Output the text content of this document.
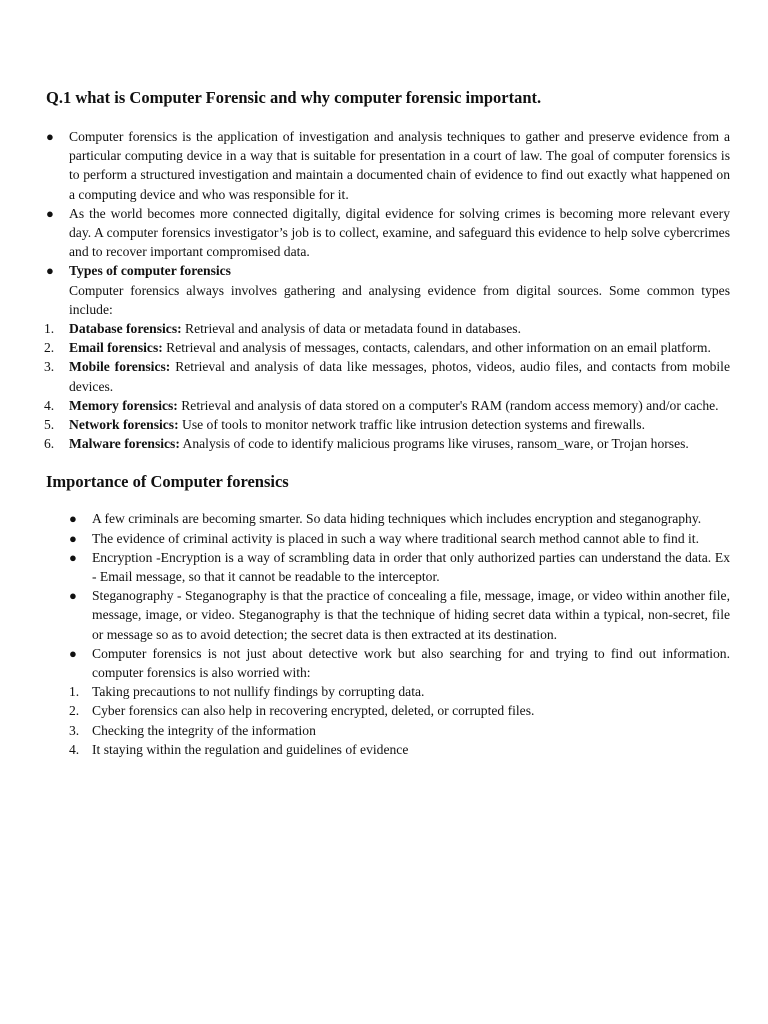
Q.1 what is Computer Forensic and why computer forensic important.
●	Computer forensics is the application of investigation and analysis techniques to gather and preserve evidence from a particular computing device in a way that is suitable for presentation in a court of law. The goal of computer forensics is to perform a structured investigation and maintain a documented chain of evidence to find out exactly what happened on a computing device and who was responsible for it.
●	As the world becomes more connected digitally, digital evidence for solving crimes is becoming more relevant every day. A computer forensics investigator’s job is to collect, examine, and safeguard this evidence to help solve cybercrimes and to recover important compromised data.
●	Types of computer forensics
Computer forensics always involves gathering and analysing evidence from digital sources. Some common types include:
1.	Database forensics: Retrieval and analysis of data or metadata found in databases.
2.	Email forensics: Retrieval and analysis of messages, contacts, calendars, and other information on an email platform.
3.	Mobile forensics: Retrieval and analysis of data like messages, photos, videos, audio files, and contacts from mobile devices.
4.	Memory forensics: Retrieval and analysis of data stored on a computer's RAM (random access memory) and/or cache.
5.	Network forensics: Use of tools to monitor network traffic like intrusion detection systems and firewalls.
6.	Malware forensics: Analysis of code to identify malicious programs like viruses, ransom_ware, or Trojan horses.
Importance of Computer forensics
●	A few criminals are becoming smarter. So data hiding techniques which includes encryption and steganography.
●	The evidence of criminal activity is placed in such a way where traditional search method cannot able to find it.
●	Encryption -Encryption is a way of scrambling data in order that only authorized parties can understand the data. Ex - Email message, so that it cannot be readable to the interceptor.
●	Steganography - Steganography is that the practice of concealing a file, message, image, or video within another file, message, image, or video. Steganography is that the technique of hiding secret data within a typical, non-secret, file or message so as to avoid detection; the secret data is then extracted at its destination.
●	Computer forensics is not just about detective work but also searching for and trying to find out information. computer forensics is also worried with:
1. Taking precautions to not nullify findings by corrupting data.
2. Cyber forensics can also help in recovering encrypted, deleted, or corrupted files.
3. Checking the integrity of the information
4. It staying within the regulation and guidelines of evidence
